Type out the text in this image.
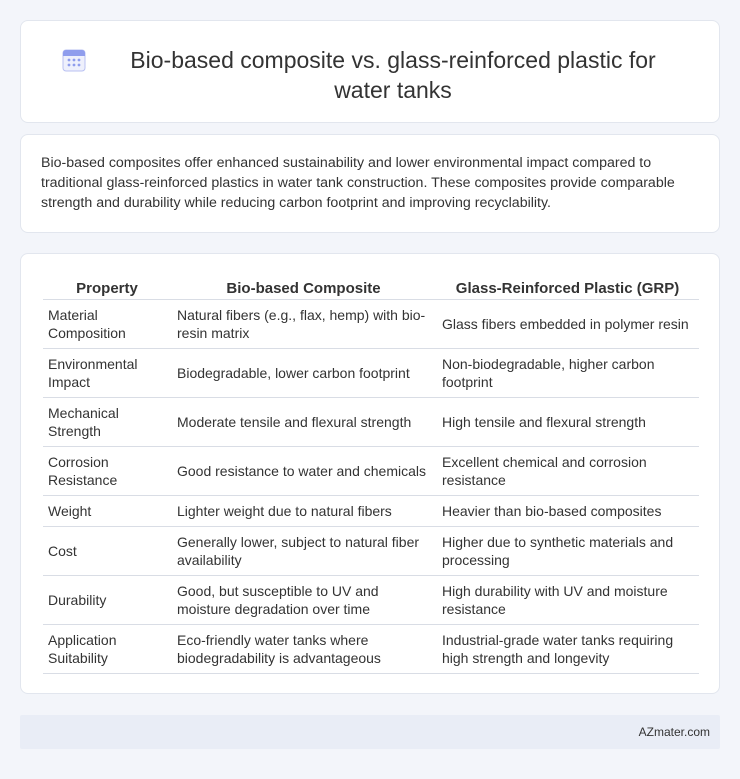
Bio-based composite vs. glass-reinforced plastic for water tanks

Bio-based composites offer enhanced sustainability and lower environmental impact compared to traditional glass-reinforced plastics in water tank construction. These composites provide comparable strength and durability while reducing carbon footprint and improving recyclability.

Property	Bio-based Composite	Glass-Reinforced Plastic (GRP)
Material Composition	Natural fibers (e.g., flax, hemp) with bio-resin matrix	Glass fibers embedded in polymer resin
Environmental Impact	Biodegradable, lower carbon footprint	Non-biodegradable, higher carbon footprint
Mechanical Strength	Moderate tensile and flexural strength	High tensile and flexural strength
Corrosion Resistance	Good resistance to water and chemicals	Excellent chemical and corrosion resistance
Weight	Lighter weight due to natural fibers	Heavier than bio-based composites
Cost	Generally lower, subject to natural fiber availability	Higher due to synthetic materials and processing
Durability	Good, but susceptible to UV and moisture degradation over time	High durability with UV and moisture resistance
Application Suitability	Eco-friendly water tanks where biodegradability is advantageous	Industrial-grade water tanks requiring high strength and longevity
AZmater.com
